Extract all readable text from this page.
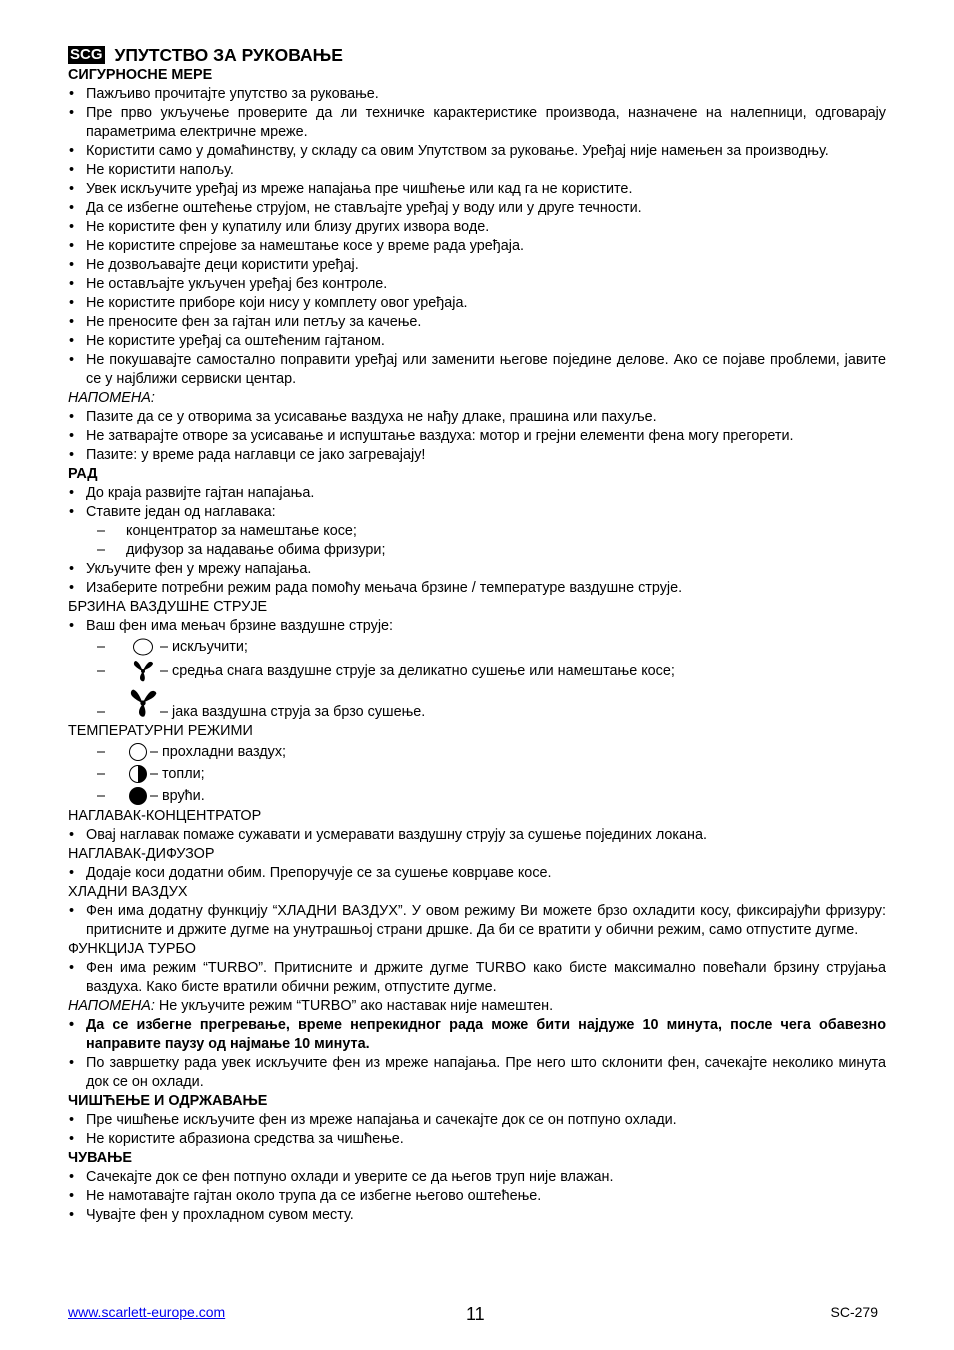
SCG УПУТСТВО ЗА РУКОВАЊЕ
СИГУРНОСНЕ МЕРЕ
• Пажљиво прочитајте упутство за руковање.
• Пре прво укључење проверите да ли техничке карактеристике производа, назначене на налепници, одговарају параметрима електричне мреже.
• Користити само у домаћинству, у складу са овим Упутством за руковање. Уређај није намењен за производњу.
• Не користити напољу.
• Увек искључите уређај из мреже напајања пре чишћење или кад га не користите.
• Да се избегне оштећење струјом, не стављајте уређај у воду или у друге течности.
• Не користите фен у купатилу или близу других извора воде.
• Не користите спрејове за намештање косе у време рада уређаја.
• Не дозвољавајте деци користити уређај.
• Не остављајте укључен уређај без контроле.
• Не користите приборе који нису у комплету овог уређаја.
• Не преносите фен за гајтан или петљу за качење.
• Не користите уређај са оштећеним гајтаном.
• Не покушавајте самостално поправити уређај или заменити његове поједине делове. Ако се појаве проблеми, јавите се у најближи сервиски центар.
НАПОМЕНА:
• Пазите да се у отворима за усисавање ваздуха не нађу длаке, прашина или пахуље.
• Не затварајте отворе за усисавање и испуштање ваздуха: мотор и грејни елементи фена могу прегорети.
• Пазите: у време рада наглавци се јако загревајају!
РАД
• До краја развијте гајтан напајања.
• Ставите један од наглавака:
–	концентратор за намештање косе;
–	дифузор за надавање обима фризури;
• Укључите фен у мрежу напајања.
• Изаберите потребни режим рада помоћу мењача брзине / температуре ваздушне струје.
БРЗИНА ВАЗДУШНЕ СТРУЈЕ
• Ваш фен има мењач брзине ваздушне струје:
–	– искључити;
–	– средња снага ваздушне струје за деликатно сушење или намештање косе;
–	– јака ваздушна струја за брзо сушење.
ТЕМПЕРАТУРНИ РЕЖИМИ
–	– прохладни ваздух;
–	– топли;
–	– врући.
НАГЛАВАК-КОНЦЕНТРАТОР
• Овај наглавак помаже сужавати и усмеравати ваздушну струју за сушење појединих локана.
НАГЛАВАК-ДИФУЗОР
• Додаје коси додатни обим. Препоручује се за сушење коврџаве косе.
ХЛАДНИ ВАЗДУХ
• Фен има додатну функцију “ХЛАДНИ ВАЗДУХ”. У овом режиму Ви можете брзо охладити косу, фиксирајући фризуру: притисните и држите дугме на унутрашњој страни дршке. Да би се вратити у обични режим, само отпустите дугме.
ФУНКЦИЈА ТУРБО
• Фен има режим “TURBO”. Притисните и држите дугме TURBO како бисте максимално повећали брзину струјања ваздуха. Како бисте вратили обични режим, отпустите дугме.
НАПОМЕНА: Не укључите режим “TURBO” ако наставак није намештен.
• Да се избегне прегревање, време непрекидног рада може бити најдуже 10 минута, после чега обавезно направите паузу од најмање 10 минута.
• По завршетку рада увек искључите фен из мреже напајања. Пре него што склонити фен, сачекајте неколико минута док се он охлади.
ЧИШЋЕЊЕ И ОДРЖАВАЊЕ
• Пре чишћење искључите фен из мреже напајања и сачекајте док се он потпуно охлади.
• Не користите абразиона средства за чишћење.
ЧУВАЊЕ
• Сачекајте док се фен потпуно охлади и уверите се да његов труп није влажан.
• Не намотавајте гајтан около трупа да се избегне његово оштећење.
• Чувајте фен у прохладном сувом месту.
www.scarlett-europe.com	11	SC-279
